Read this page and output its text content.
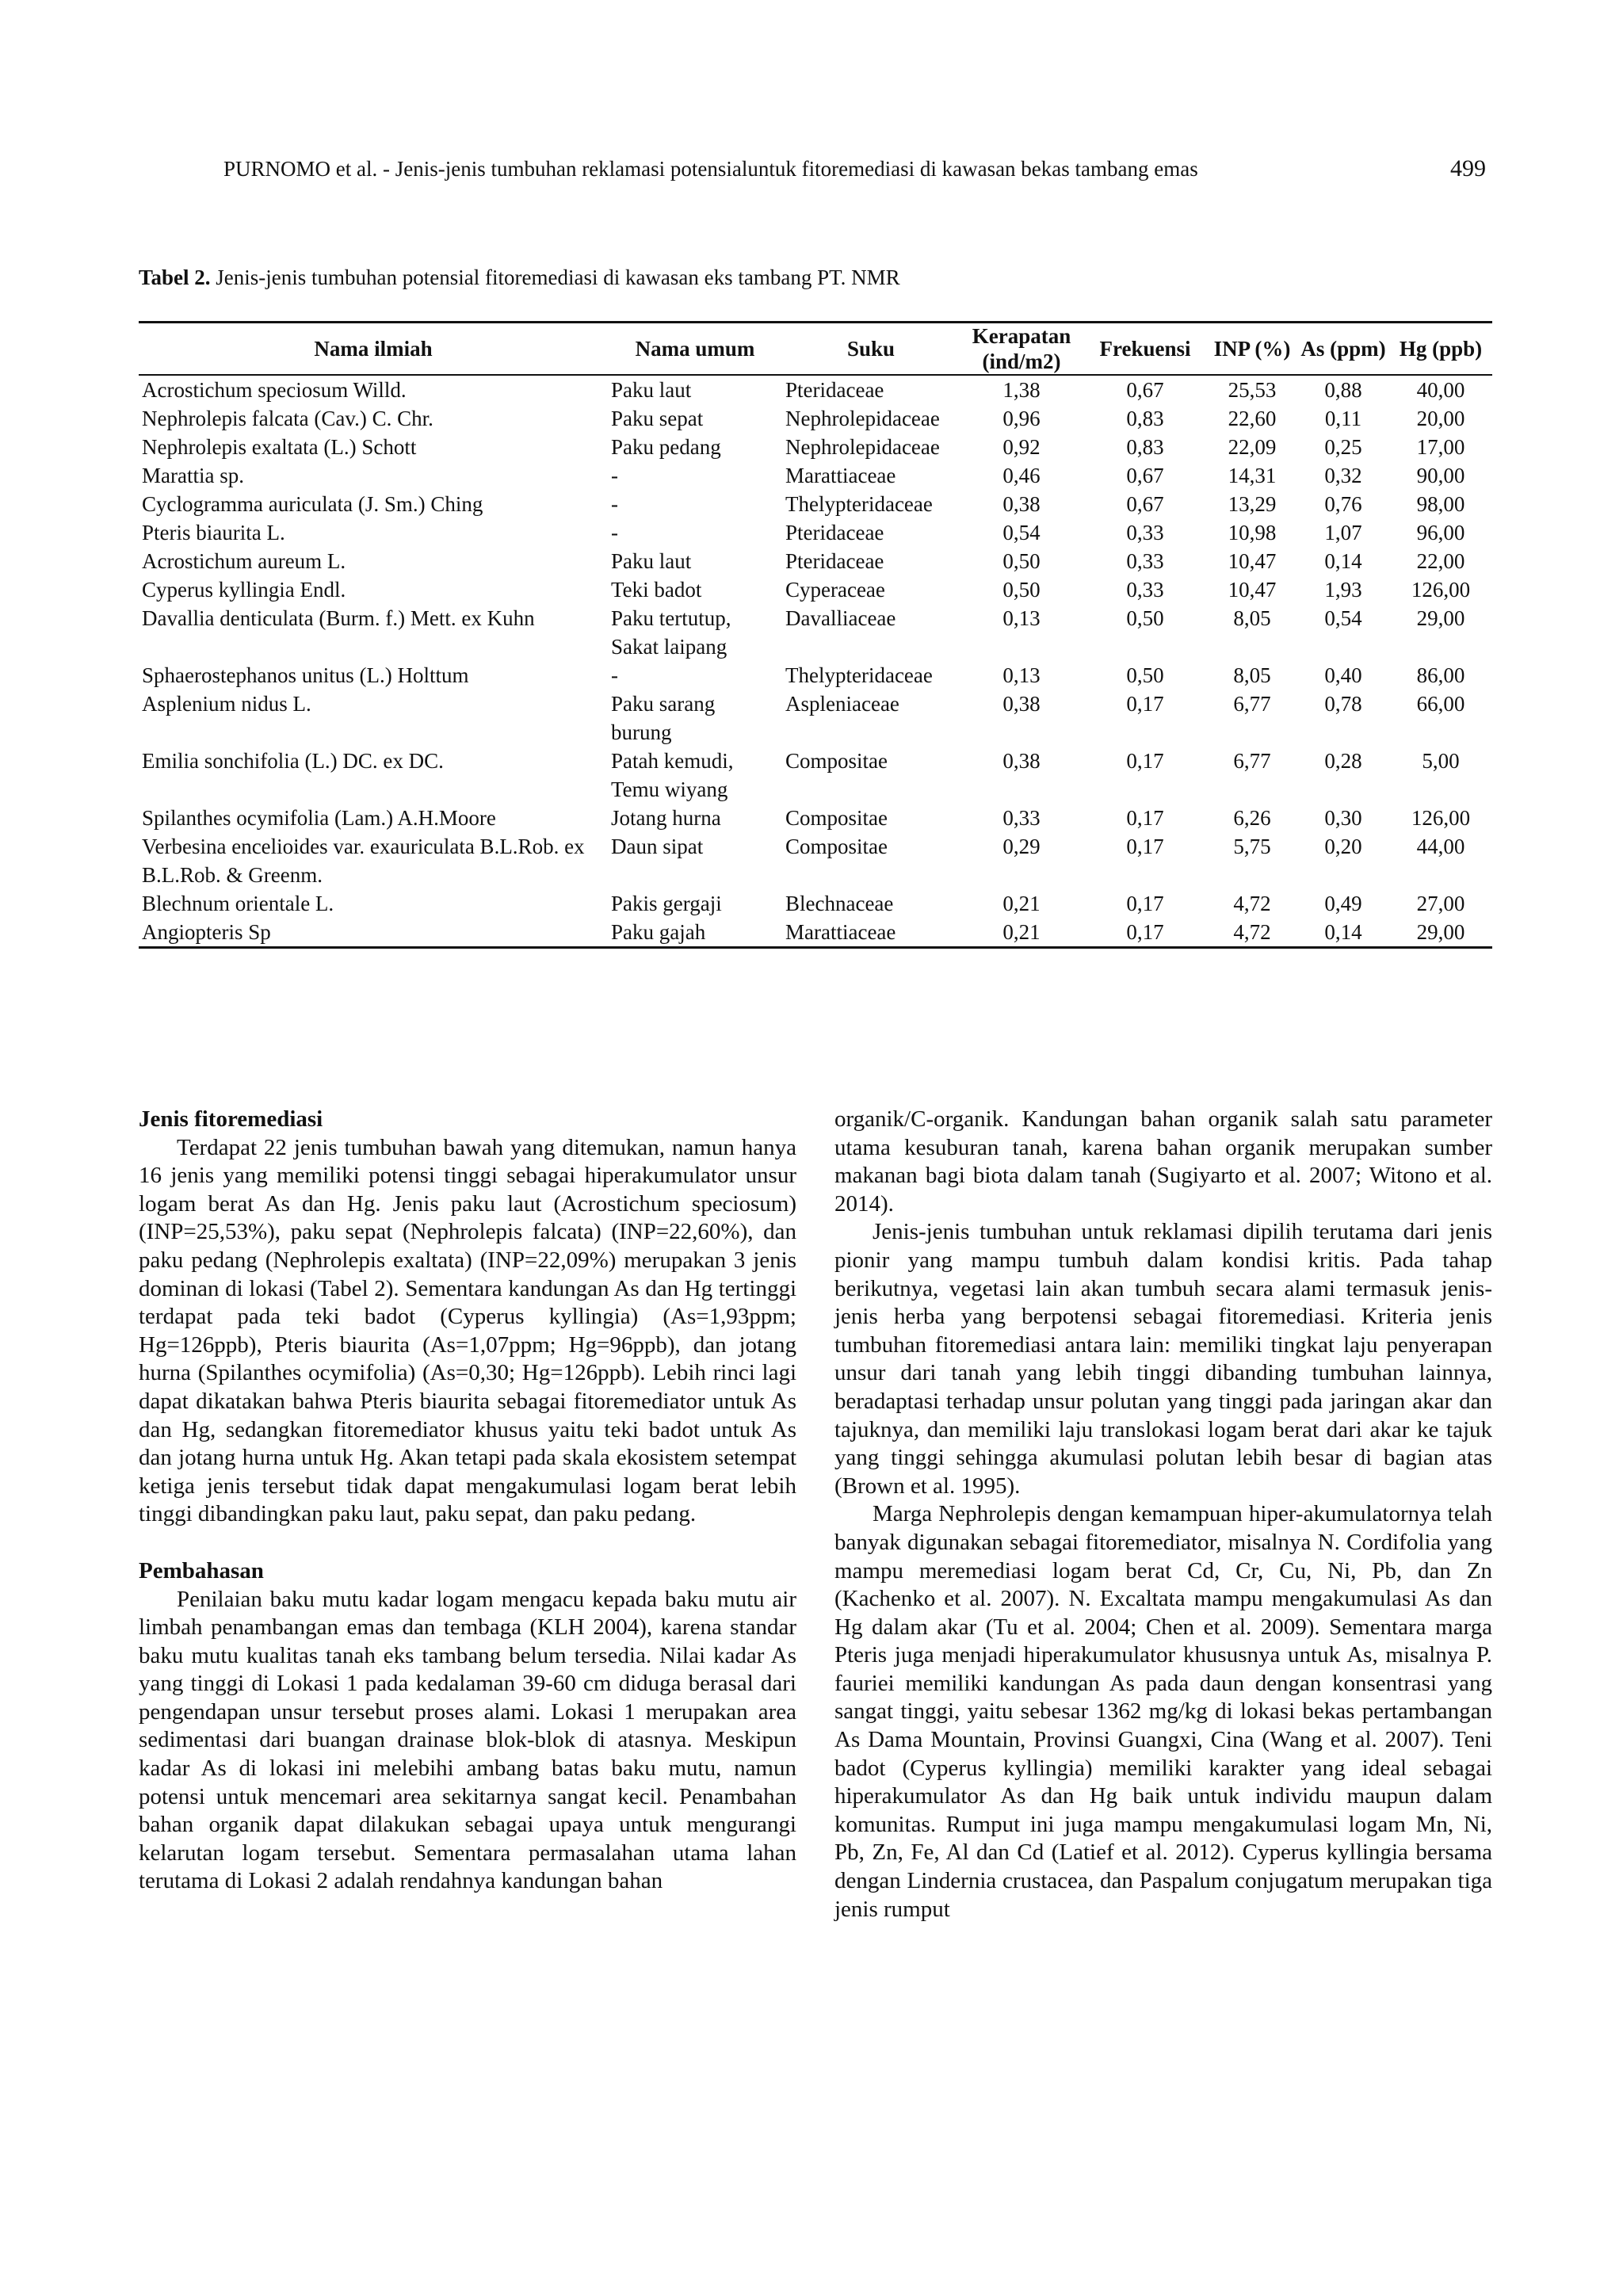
PURNOMO et al. - Jenis-jenis tumbuhan reklamasi potensialuntuk fitoremediasi di kawasan bekas tambang emas	499
Tabel 2. Jenis-jenis tumbuhan potensial fitoremediasi di kawasan eks tambang PT. NMR
Nama ilmiah	Nama umum	Suku	Kerapatan (ind/m2)	Frekuensi	INP (%)	As (ppm)	Hg (ppb)
Acrostichum speciosum Willd.	Paku laut	Pteridaceae	1,38	0,67	25,53	0,88	40,00
Nephrolepis falcata (Cav.) C. Chr.	Paku sepat	Nephrolepidaceae	0,96	0,83	22,60	0,11	20,00
Nephrolepis exaltata (L.) Schott	Paku pedang	Nephrolepidaceae	0,92	0,83	22,09	0,25	17,00
Marattia sp.	-	Marattiaceae	0,46	0,67	14,31	0,32	90,00
Cyclogramma auriculata (J. Sm.) Ching	-	Thelypteridaceae	0,38	0,67	13,29	0,76	98,00
Pteris biaurita L.	-	Pteridaceae	0,54	0,33	10,98	1,07	96,00
Acrostichum aureum L.	Paku laut	Pteridaceae	0,50	0,33	10,47	0,14	22,00
Cyperus kyllingia Endl.	Teki badot	Cyperaceae	0,50	0,33	10,47	1,93	126,00
Davallia denticulata (Burm. f.) Mett. ex Kuhn	Paku tertutup, Sakat laipang	Davalliaceae	0,13	0,50	8,05	0,54	29,00
Sphaerostephanos unitus (L.) Holttum	-	Thelypteridaceae	0,13	0,50	8,05	0,40	86,00
Asplenium nidus L.	Paku sarang burung	Aspleniaceae	0,38	0,17	6,77	0,78	66,00
Emilia sonchifolia (L.) DC. ex DC.	Patah kemudi, Temu wiyang	Compositae	0,38	0,17	6,77	0,28	5,00
Spilanthes ocymifolia (Lam.) A.H.Moore	Jotang hurna	Compositae	0,33	0,17	6,26	0,30	126,00
Verbesina encelioides var. exauriculata B.L.Rob. ex B.L.Rob. & Greenm.	Daun sipat	Compositae	0,29	0,17	5,75	0,20	44,00
Blechnum orientale L.	Pakis gergaji	Blechnaceae	0,21	0,17	4,72	0,49	27,00
Angiopteris Sp	Paku gajah	Marattiaceae	0,21	0,17	4,72	0,14	29,00

Jenis fitoremediasi

Terdapat 22 jenis tumbuhan bawah yang ditemukan, namun hanya 16 jenis yang memiliki potensi tinggi sebagai hiperakumulator unsur logam berat As dan Hg. Jenis paku laut (Acrostichum speciosum) (INP=25,53%), paku sepat (Nephrolepis falcata) (INP=22,60%), dan paku pedang (Nephrolepis exaltata) (INP=22,09%) merupakan 3 jenis dominan di lokasi (Tabel 2). Sementara kandungan As dan Hg tertinggi terdapat pada teki badot (Cyperus kyllingia) (As=1,93ppm; Hg=126ppb), Pteris biaurita (As=1,07ppm; Hg=96ppb), dan jotang hurna (Spilanthes ocymifolia) (As=0,30; Hg=126ppb). Lebih rinci lagi dapat dikatakan bahwa Pteris biaurita sebagai fitoremediator untuk As dan Hg, sedangkan fitoremediator khusus yaitu teki badot untuk As dan jotang hurna untuk Hg. Akan tetapi pada skala ekosistem setempat ketiga jenis tersebut tidak dapat mengakumulasi logam berat lebih tinggi dibandingkan paku laut, paku sepat, dan paku pedang.

Pembahasan

Penilaian baku mutu kadar logam mengacu kepada baku mutu air limbah penambangan emas dan tembaga (KLH 2004), karena standar baku mutu kualitas tanah eks tambang belum tersedia. Nilai kadar As yang tinggi di Lokasi 1 pada kedalaman 39-60 cm diduga berasal dari pengendapan unsur tersebut proses alami. Lokasi 1 merupakan area sedimentasi dari buangan drainase blok-blok di atasnya. Meskipun kadar As di lokasi ini melebihi ambang batas baku mutu, namun potensi untuk mencemari area sekitarnya sangat kecil. Penambahan bahan organik dapat dilakukan sebagai upaya untuk mengurangi kelarutan logam tersebut. Sementara permasalahan utama lahan terutama di Lokasi 2 adalah rendahnya kandungan bahan

organik/C-organik. Kandungan bahan organik salah satu parameter utama kesuburan tanah, karena bahan organik merupakan sumber makanan bagi biota dalam tanah (Sugiyarto et al. 2007; Witono et al. 2014).

Jenis-jenis tumbuhan untuk reklamasi dipilih terutama dari jenis pionir yang mampu tumbuh dalam kondisi kritis. Pada tahap berikutnya, vegetasi lain akan tumbuh secara alami termasuk jenis-jenis herba yang berpotensi sebagai fitoremediasi. Kriteria jenis tumbuhan fitoremediasi antara lain: memiliki tingkat laju penyerapan unsur dari tanah yang lebih tinggi dibanding tumbuhan lainnya, beradaptasi terhadap unsur polutan yang tinggi pada jaringan akar dan tajuknya, dan memiliki laju translokasi logam berat dari akar ke tajuk yang tinggi sehingga akumulasi polutan lebih besar di bagian atas (Brown et al. 1995).

Marga Nephrolepis dengan kemampuan hiper-akumulatornya telah banyak digunakan sebagai fitoremediator, misalnya N. Cordifolia yang mampu meremediasi logam berat Cd, Cr, Cu, Ni, Pb, dan Zn (Kachenko et al. 2007). N. Excaltata mampu mengakumulasi As dan Hg dalam akar (Tu et al. 2004; Chen et al. 2009). Sementara marga Pteris juga menjadi hiperakumulator khususnya untuk As, misalnya P. fauriei memiliki kandungan As pada daun dengan konsentrasi yang sangat tinggi, yaitu sebesar 1362 mg/kg di lokasi bekas pertambangan As Dama Mountain, Provinsi Guangxi, Cina (Wang et al. 2007). Teni badot (Cyperus kyllingia) memiliki karakter yang ideal sebagai hiperakumulator As dan Hg baik untuk individu maupun dalam komunitas. Rumput ini juga mampu mengakumulasi logam Mn, Ni, Pb, Zn, Fe, Al dan Cd (Latief et al. 2012). Cyperus kyllingia bersama dengan Lindernia crustacea, dan Paspalum conjugatum merupakan tiga jenis rumput
